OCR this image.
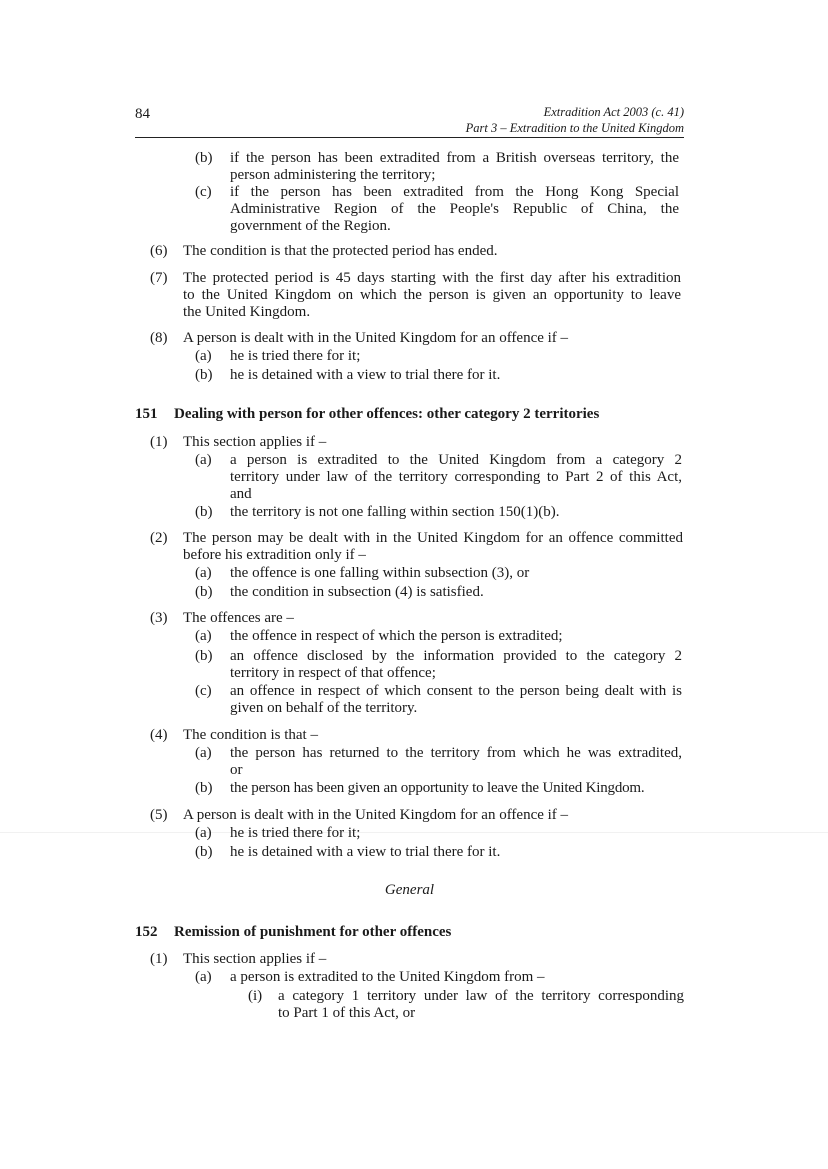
84	Extradition Act 2003 (c. 41)
Part 3 – Extradition to the United Kingdom
(b) if the person has been extradited from a British overseas territory, the
person administering the territory;
(c) if the person has been extradited from the Hong Kong Special
Administrative Region of the People's Republic of China, the
government of the Region.
(6) The condition is that the protected period has ended.
(7) The protected period is 45 days starting with the first day after his extradition
to the United Kingdom on which the person is given an opportunity to leave
the United Kingdom.
(8) A person is dealt with in the United Kingdom for an offence if –
(a) he is tried there for it;
(b) he is detained with a view to trial there for it.
151 Dealing with person for other offences: other category 2 territories
(1) This section applies if –
(a) a person is extradited to the United Kingdom from a category 2
territory under law of the territory corresponding to Part 2 of this Act,
and
(b) the territory is not one falling within section 150(1)(b).
(2) The person may be dealt with in the United Kingdom for an offence committed
before his extradition only if –
(a) the offence is one falling within subsection (3), or
(b) the condition in subsection (4) is satisfied.
(3) The offences are –
(a) the offence in respect of which the person is extradited;
(b) an offence disclosed by the information provided to the category 2
territory in respect of that offence;
(c) an offence in respect of which consent to the person being dealt with is
given on behalf of the territory.
(4) The condition is that –
(a) the person has returned to the territory from which he was extradited,
or
(b) the person has been given an opportunity to leave the United Kingdom.
(5) A person is dealt with in the United Kingdom for an offence if –
(a) he is tried there for it;
(b) he is detained with a view to trial there for it.
General
152 Remission of punishment for other offences
(1) This section applies if –
(a) a person is extradited to the United Kingdom from –
(i) a category 1 territory under law of the territory corresponding
to Part 1 of this Act, or
